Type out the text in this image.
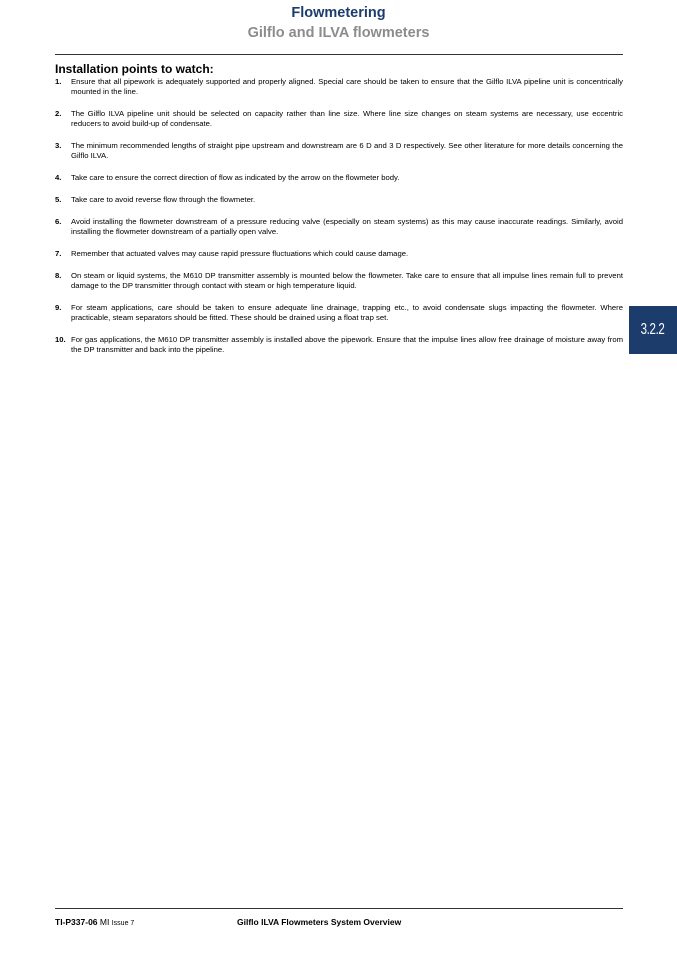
Flowmetering
Gilflo and ILVA flowmeters
Installation points to watch:
1. Ensure that all pipework is adequately supported and properly aligned. Special care should be taken to ensure that the Gilflo ILVA pipeline unit is concentrically mounted in the line.
2. The Gilflo ILVA pipeline unit should be selected on capacity rather than line size. Where line size changes on steam systems are necessary, use eccentric reducers to avoid build-up of condensate.
3. The minimum recommended lengths of straight pipe upstream and downstream are 6 D and 3 D respectively. See other literature for more details concerning the Gilflo ILVA.
4. Take care to ensure the correct direction of flow as indicated by the arrow on the flowmeter body.
5. Take care to avoid reverse flow through the flowmeter.
6. Avoid installing the flowmeter downstream of a pressure reducing valve (especially on steam systems) as this may cause inaccurate readings. Similarly, avoid installing the flowmeter downstream of a partially open valve.
7. Remember that actuated valves may cause rapid pressure fluctuations which could cause damage.
8. On steam or liquid systems, the M610 DP transmitter assembly is mounted below the flowmeter. Take care to ensure that all impulse lines remain full to prevent damage to the DP transmitter through contact with steam or high temperature liquid.
9. For steam applications, care should be taken to ensure adequate line drainage, trapping etc., to avoid condensate slugs impacting the flowmeter. Where practicable, steam separators should be fitted. These should be drained using a float trap set.
10. For gas applications, the M610 DP transmitter assembly is installed above the pipework. Ensure that the impulse lines allow free drainage of moisture away from the DP transmitter and back into the pipeline.
3.2.2
TI-P337-06 MI Issue 7	Gilflo ILVA Flowmeters System Overview
